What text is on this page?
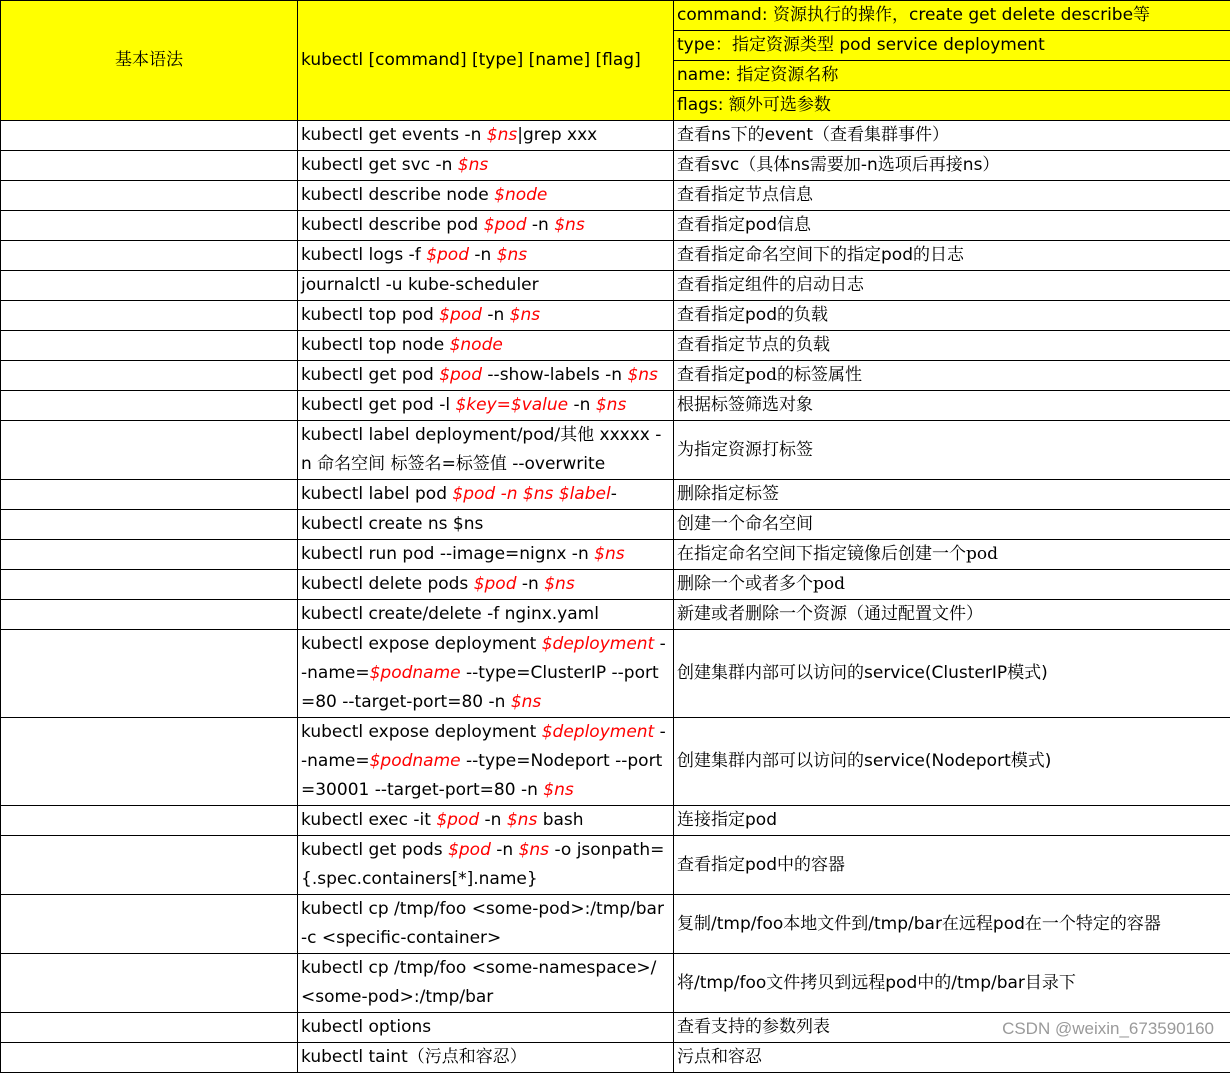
基本语法	kubectl [command] [type] [name] [flag]	command: 资源执行的操作，create get delete describe等
		type：指定资源类型 pod service deployment
		name: 指定资源名称
		flags: 额外可选参数
	kubectl get events -n $ns|grep xxx	查看ns下的event（查看集群事件）
	kubectl get svc -n $ns	查看svc（具体ns需要加-n选项后再接ns）
	kubectl describe node $node	查看指定节点信息
	kubectl describe pod $pod -n $ns	查看指定pod信息
	kubectl logs -f $pod -n $ns	查看指定命名空间下的指定pod的日志
	journalctl -u kube-scheduler	查看指定组件的启动日志
	kubectl top pod $pod -n $ns	查看指定pod的负载
	kubectl top node $node	查看指定节点的负载
	kubectl get pod $pod --show-labels -n $ns	查看指定pod的标签属性
	kubectl get pod -l $key=$value -n $ns	根据标签筛选对象
	kubectl label deployment/pod/其他 xxxxx -n 命名空间 标签名=标签值 --overwrite	为指定资源打标签
	kubectl label pod $pod -n $ns $label-	删除指定标签
	kubectl create ns $ns	创建一个命名空间
	kubectl run pod --image=nignx -n $ns	在指定命名空间下指定镜像后创建一个pod
	kubectl delete pods $pod -n $ns	删除一个或者多个pod
	kubectl create/delete -f nginx.yaml	新建或者删除一个资源（通过配置文件）
	kubectl expose deployment $deployment --name=$podname --type=ClusterIP --port=80 --target-port=80 -n $ns	创建集群内部可以访问的service(ClusterIP模式)
	kubectl expose deployment $deployment --name=$podname --type=Nodeport --port=30001 --target-port=80 -n $ns	创建集群内部可以访问的service(Nodeport模式)
	kubectl exec -it $pod -n $ns bash	连接指定pod
	kubectl get pods $pod -n $ns -o jsonpath={.spec.containers[*].name}	查看指定pod中的容器
	kubectl cp /tmp/foo <some-pod>:/tmp/bar -c <specific-container>	复制/tmp/foo本地文件到/tmp/bar在远程pod在一个特定的容器
	kubectl cp /tmp/foo <some-namespace>/<some-pod>:/tmp/bar	将/tmp/foo文件拷贝到远程pod中的/tmp/bar目录下
	kubectl options	查看支持的参数列表
	kubectl taint（污点和容忍）	污点和容忍
CSDN @weixin_673590160
